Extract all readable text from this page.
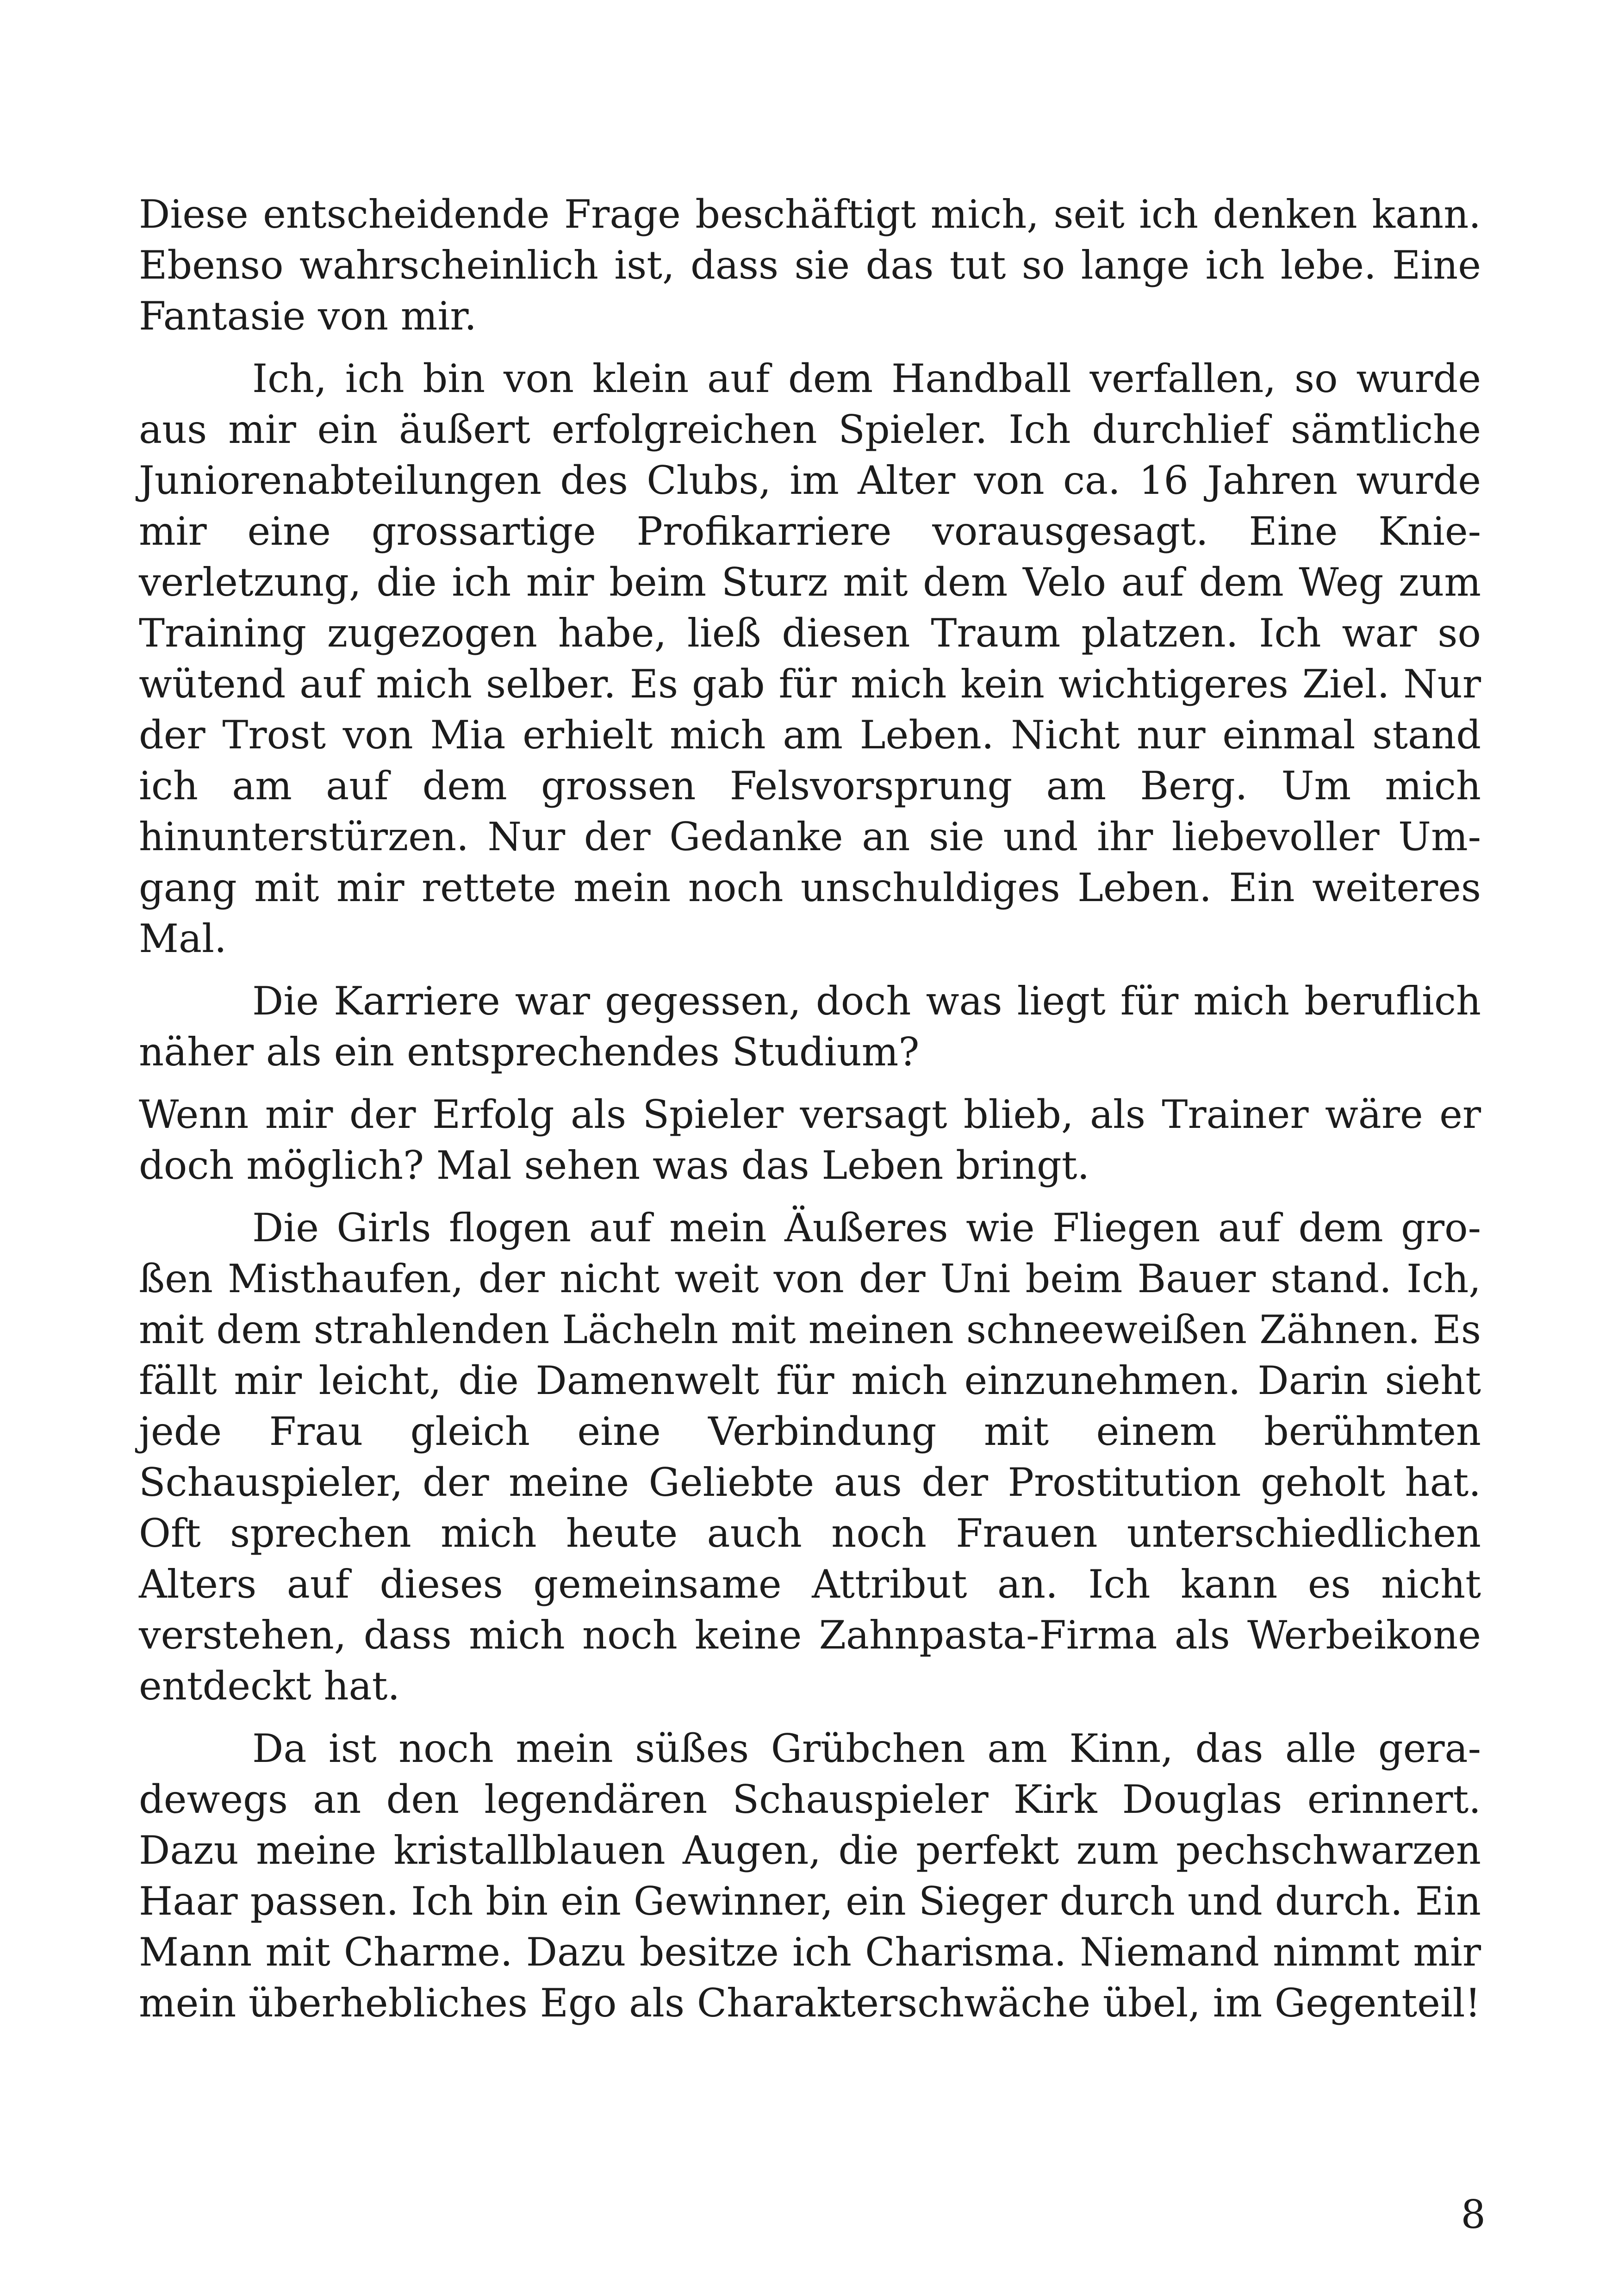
Diese entscheidende Frage beschäftigt mich, seit ich denken kann. Ebenso wahrscheinlich ist, dass sie das tut so lange ich lebe. Eine Fantasie von mir.

Ich, ich bin von klein auf dem Handball verfallen, so wurde aus mir ein äußert erfolgreichen Spieler. Ich durchlief sämtliche Juniorenabteilungen des Clubs, im Alter von ca. 16 Jahren wurde mir eine grossartige Profikarriere vorausgesagt. Eine Knieverletzung, die ich mir beim Sturz mit dem Velo auf dem Weg zum Training zugezogen habe, ließ diesen Traum platzen. Ich war so wütend auf mich selber. Es gab für mich kein wichtigeres Ziel. Nur der Trost von Mia erhielt mich am Leben. Nicht nur einmal stand ich am auf dem grossen Felsvorsprung am Berg. Um mich hinunterstürzen. Nur der Gedanke an sie und ihr liebevoller Umgang mit mir rettete mein noch unschuldiges Leben. Ein weiteres Mal.

Die Karriere war gegessen, doch was liegt für mich beruflich näher als ein entsprechendes Studium?

Wenn mir der Erfolg als Spieler versagt blieb, als Trainer wäre er doch möglich? Mal sehen was das Leben bringt.

Die Girls flogen auf mein Äußeres wie Fliegen auf dem großen Misthaufen, der nicht weit von der Uni beim Bauer stand. Ich, mit dem strahlenden Lächeln mit meinen schneeweißen Zähnen. Es fällt mir leicht, die Damenwelt für mich einzunehmen. Darin sieht jede Frau gleich eine Verbindung mit einem berühmten Schauspieler, der meine Geliebte aus der Prostitution geholt hat. Oft sprechen mich heute auch noch Frauen unterschiedlichen Alters auf dieses gemeinsame Attribut an. Ich kann es nicht verstehen, dass mich noch keine Zahnpasta-Firma als Werbeikone entdeckt hat.

Da ist noch mein süßes Grübchen am Kinn, das alle geradewegs an den legendären Schauspieler Kirk Douglas erinnert. Dazu meine kristallblauen Augen, die perfekt zum pechschwarzen Haar passen. Ich bin ein Gewinner, ein Sieger durch und durch. Ein Mann mit Charme. Dazu besitze ich Charisma. Niemand nimmt mir mein überhebliches Ego als Charakterschwäche übel, im Gegenteil!

8
